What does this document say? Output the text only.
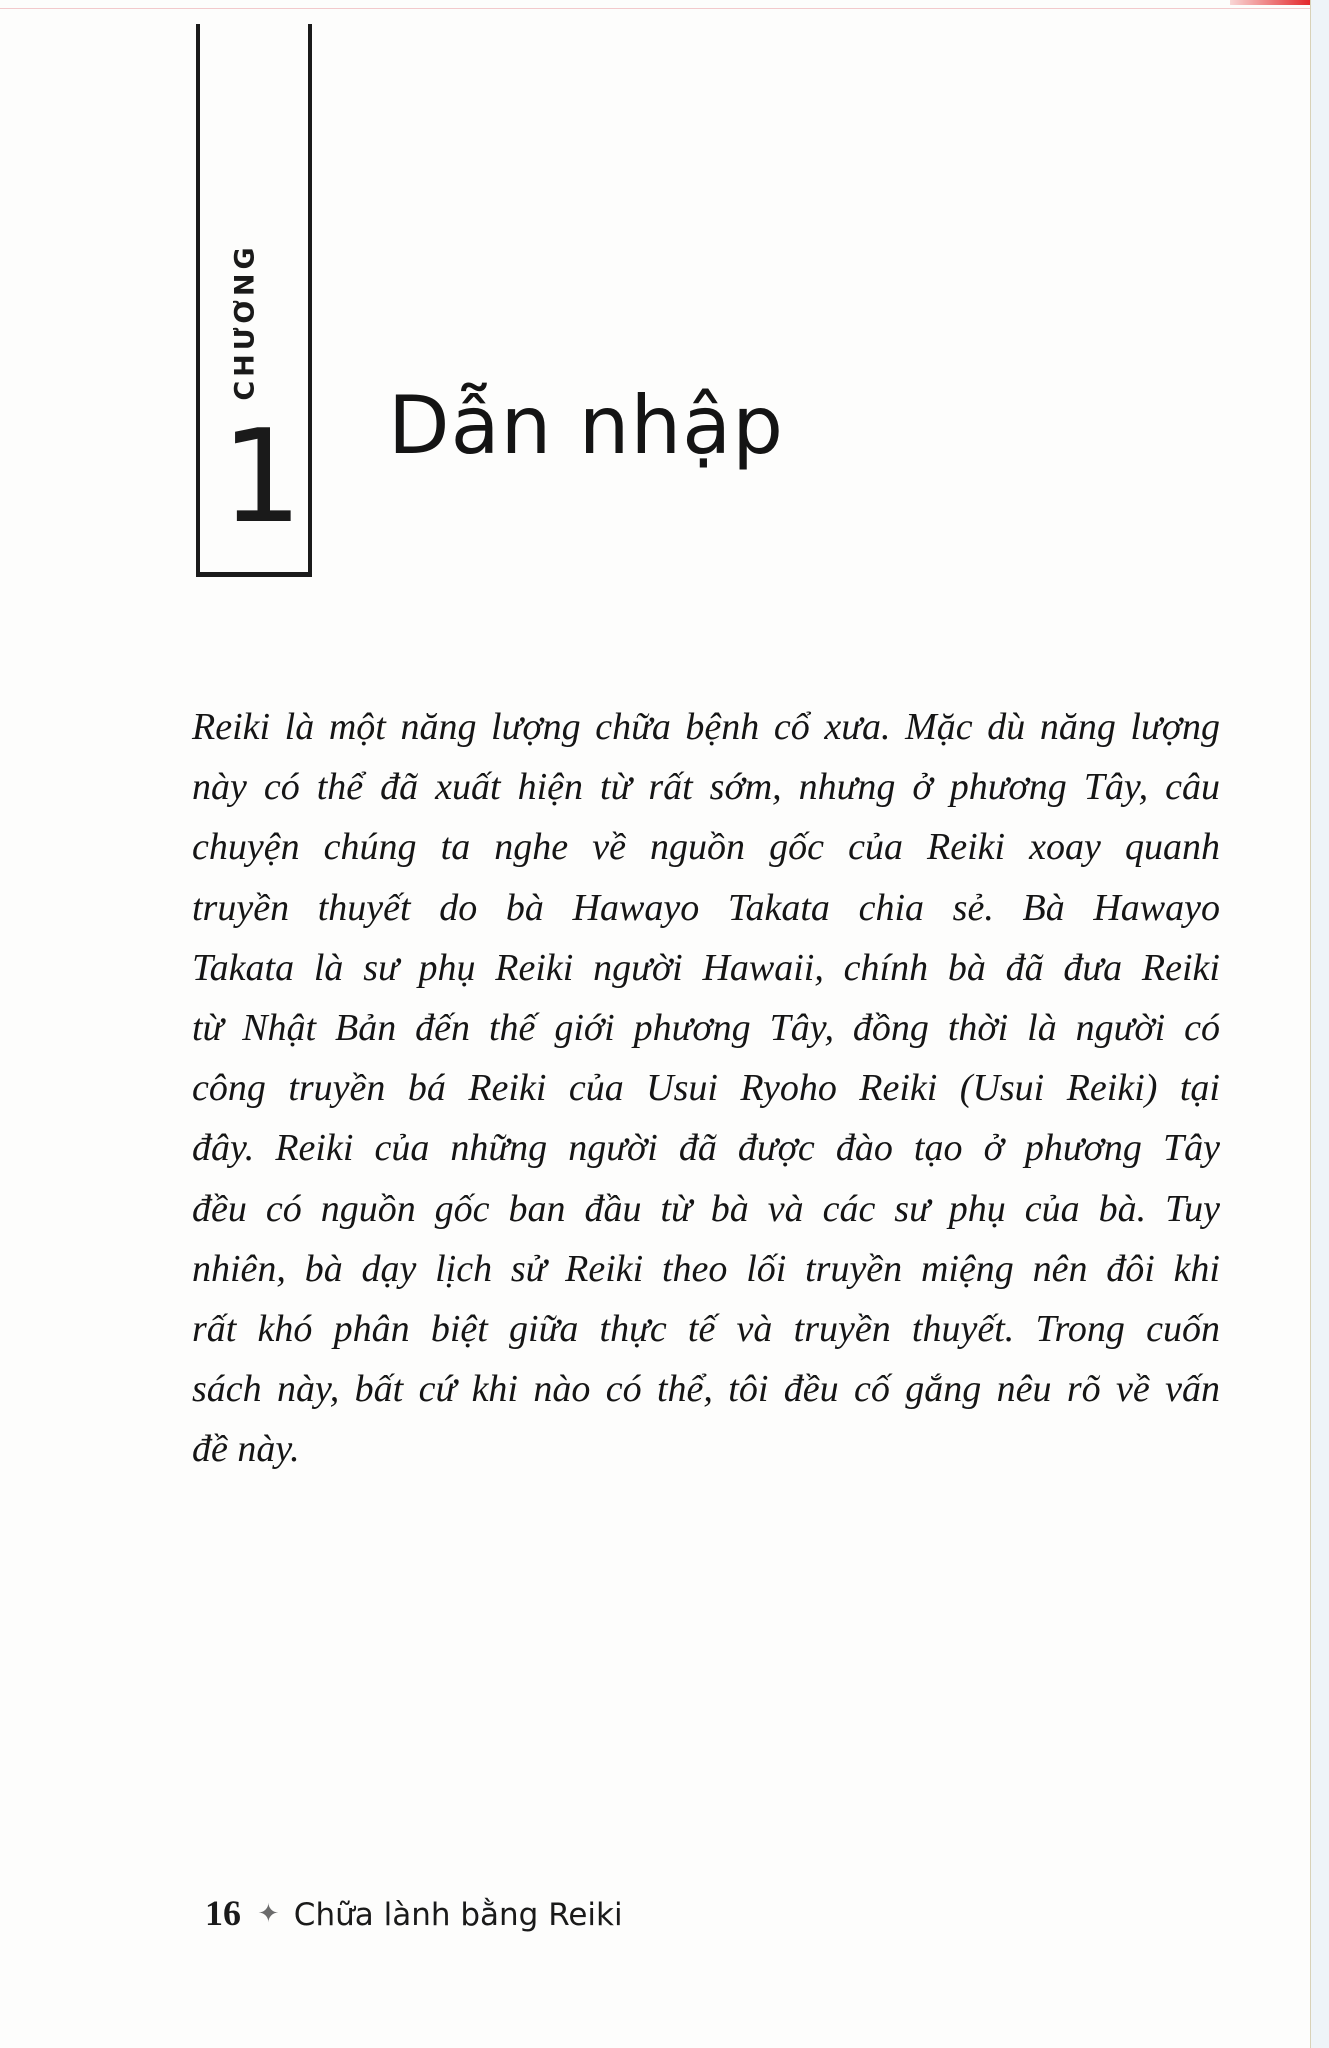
CHƯƠNG
1 Dẫn nhập
Reiki là một năng lượng chữa bệnh cổ xưa. Mặc dù năng lượng
này có thể đã xuất hiện từ rất sớm, nhưng ở phương Tây, câu
chuyện chúng ta nghe về nguồn gốc của Reiki xoay quanh
truyền thuyết do bà Hawayo Takata chia sẻ. Bà Hawayo
Takata là sư phụ Reiki người Hawaii, chính bà đã đưa Reiki
từ Nhật Bản đến thế giới phương Tây, đồng thời là người có
công truyền bá Reiki của Usui Ryoho Reiki (Usui Reiki) tại
đây. Reiki của những người đã được đào tạo ở phương Tây
đều có nguồn gốc ban đầu từ bà và các sư phụ của bà. Tuy
nhiên, bà dạy lịch sử Reiki theo lối truyền miệng nên đôi khi
rất khó phân biệt giữa thực tế và truyền thuyết. Trong cuốn
sách này, bất cứ khi nào có thể, tôi đều cố gắng nêu rõ về vấn
đề này.
16 ✦ Chữa lành bằng Reiki
